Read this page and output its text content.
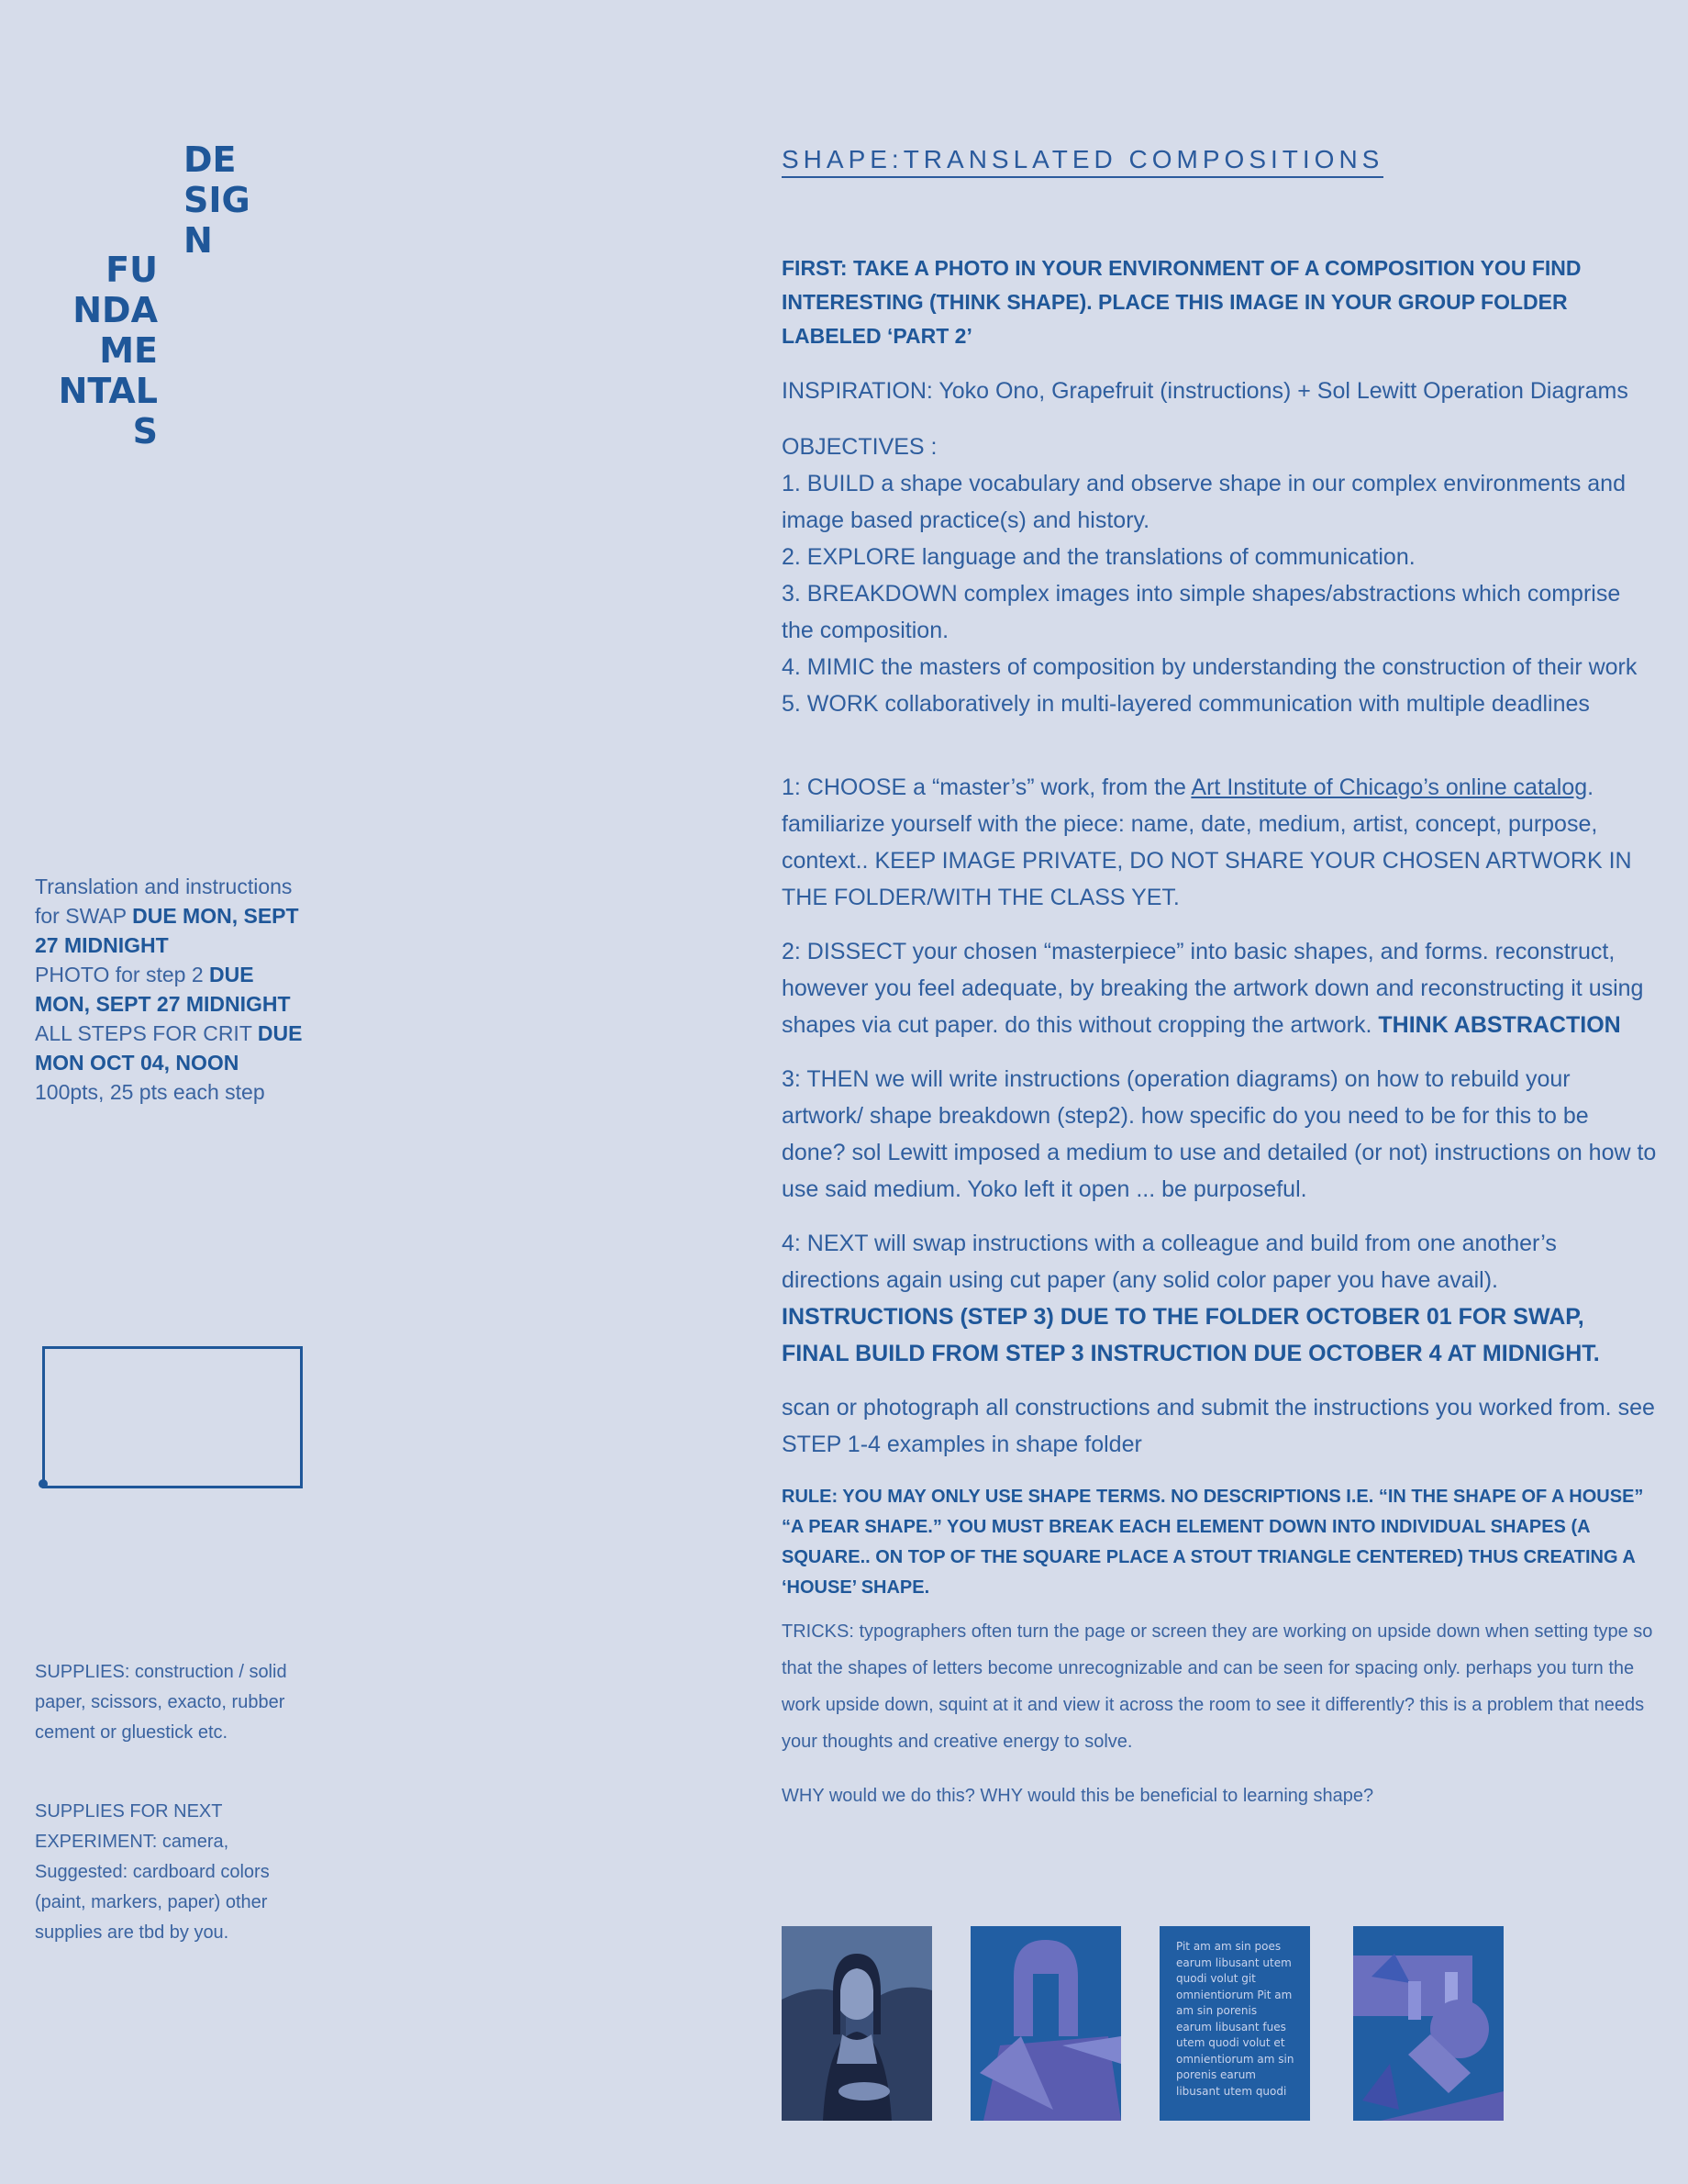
DE
SIG
N
FU
NDA
ME
NTAL
S

Translation and instructions for SWAP DUE MON, SEPT 27 MIDNIGHT

PHOTO for step 2 DUE MON, SEPT 27 MIDNIGHT

ALL STEPS FOR CRIT DUE MON OCT 04, NOON

100pts, 25 pts each step

SUPPLIES: construction / solid paper, scissors, exacto, rubber cement or gluestick etc.
SUPPLIES FOR NEXT EXPERIMENT: camera, Suggested: cardboard colors (paint, markers, paper) other supplies are tbd by you.
SHAPE:TRANSLATED COMPOSITIONS
FIRST: TAKE A PHOTO IN YOUR ENVIRONMENT OF A COMPOSITION YOU FIND INTERESTING (THINK SHAPE). PLACE THIS IMAGE IN YOUR GROUP FOLDER LABELED ‘PART 2’
INSPIRATION: Yoko Ono, Grapefruit (instructions) + Sol Lewitt Operation Diagrams
OBJECTIVES :
1. BUILD a shape vocabulary and observe shape in our complex environments and image based practice(s) and history.
2. EXPLORE language and the translations of communication.
3. BREAKDOWN complex images into simple shapes/abstractions which comprise the composition.
4. MIMIC the masters of composition by understanding the construction of their work
5. WORK collaboratively in multi-layered communication with multiple deadlines

1: CHOOSE a “master’s” work, from the Art Institute of Chicago’s online catalog. familiarize yourself with the piece: name, date, medium, artist, concept, purpose, context.. KEEP IMAGE PRIVATE, DO NOT SHARE YOUR CHOSEN ARTWORK IN THE FOLDER/WITH THE CLASS YET.

2: DISSECT your chosen “masterpiece” into basic shapes, and forms. reconstruct, however you feel adequate, by breaking the artwork down and reconstructing it using shapes via cut paper. do this without cropping the artwork. THINK ABSTRACTION

3: THEN we will write instructions (operation diagrams) on how to rebuild your artwork/ shape breakdown (step2). how specific do you need to be for this to be done? sol Lewitt imposed a medium to use and detailed (or not) instructions on how to use said medium. Yoko left it open ... be purposeful.

4: NEXT will swap instructions with a colleague and build from one another’s directions again using cut paper (any solid color paper you have avail). INSTRUCTIONS (STEP 3) DUE TO THE FOLDER OCTOBER 01 FOR SWAP, FINAL BUILD FROM STEP 3 INSTRUCTION DUE OCTOBER 4 AT MIDNIGHT.

scan or photograph all constructions and submit the instructions you worked from. see STEP 1-4 examples in shape folder

RULE: YOU MAY ONLY USE SHAPE TERMS. NO DESCRIPTIONS I.E. “IN THE SHAPE OF A HOUSE” “A PEAR SHAPE.” YOU MUST BREAK EACH ELEMENT DOWN INTO INDIVIDUAL SHAPES (A SQUARE.. ON TOP OF THE SQUARE PLACE A STOUT TRIANGLE CENTERED) THUS CREATING A ‘HOUSE’ SHAPE.
TRICKS: typographers often turn the page or screen they are working on upside down when setting type so that the shapes of letters become unrecognizable and can be seen for spacing only. perhaps you turn the work upside down, squint at it and view it across the room to see it differently? this is a problem that needs your thoughts and creative energy to solve.
WHY would we do this? WHY would this be beneficial to learning shape?
Pit am am sin poes earum libusant utem quodi volut git omnientiorum Pit am am sin porenis earum libusant fues utem quodi volut et omnientiorum am sin porenis earum libusant utem quodi
